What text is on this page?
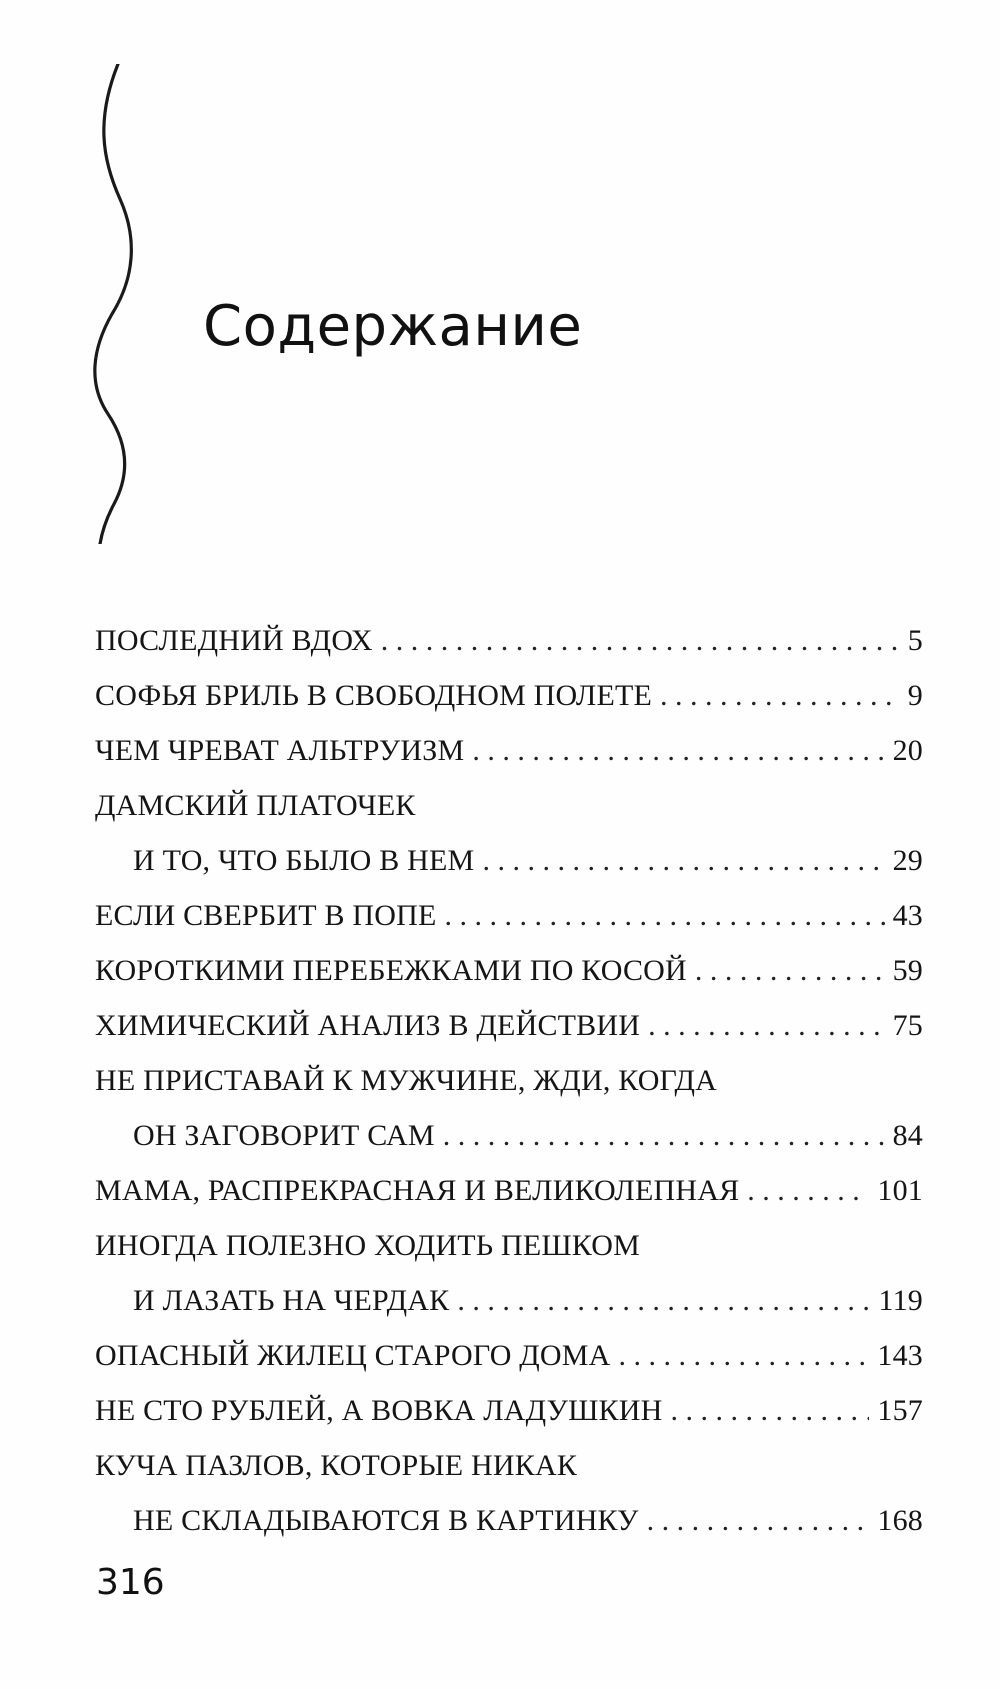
Содержание
ПОСЛЕДНИЙ ВДОХ . . .	5
СОФЬЯ БРИЛЬ В СВОБОДНОМ ПОЛЕТЕ . . .	9
ЧЕМ ЧРЕВАТ АЛЬТРУИЗМ . . .	20
ДАМСКИЙ ПЛАТОЧЕК
И ТО, ЧТО БЫЛО В НЕМ . . .	29
ЕСЛИ СВЕРБИТ В ПОПЕ . . .	43
КОРОТКИМИ ПЕРЕБЕЖКАМИ ПО КОСОЙ . . .	59
ХИМИЧЕСКИЙ АНАЛИЗ В ДЕЙСТВИИ . . .	75
НЕ ПРИСТАВАЙ К МУЖЧИНЕ, ЖДИ, КОГДА
ОН ЗАГОВОРИТ САМ . . .	84
МАМА, РАСПРЕКРАСНАЯ И ВЕЛИКОЛЕПНАЯ . . .	101
ИНОГДА ПОЛЕЗНО ХОДИТЬ ПЕШКОМ
И ЛАЗАТЬ НА ЧЕРДАК . . .	119
ОПАСНЫЙ ЖИЛЕЦ СТАРОГО ДОМА . . .	143
НЕ СТО РУБЛЕЙ, А ВОВКА ЛАДУШКИН . . .	157
КУЧА ПАЗЛОВ, КОТОРЫЕ НИКАК
НЕ СКЛАДЫВАЮТСЯ В КАРТИНКУ . . .	168

316
